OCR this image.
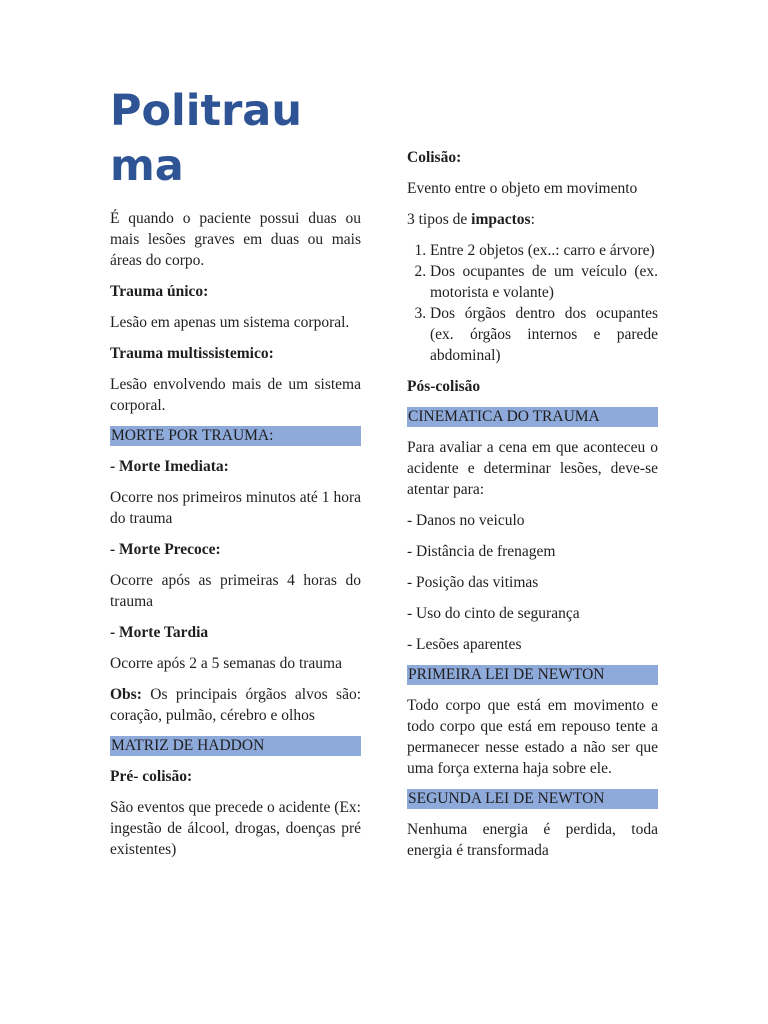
Politrauma

É quando o paciente possui duas ou mais lesões graves em duas ou mais áreas do corpo.

Trauma único:

Lesão em apenas um sistema corporal.

Trauma multissistemico:

Lesão envolvendo mais de um sistema corporal.

MORTE POR TRAUMA:
- Morte Imediata:

Ocorre nos primeiros minutos até 1 hora do trauma

- Morte Precoce:

Ocorre após as primeiras 4 horas do trauma

- Morte Tardia

Ocorre após 2 a 5 semanas do trauma

Obs: Os principais órgãos alvos são: coração, pulmão, cérebro e olhos

MATRIZ DE HADDON
Pré- colisão:

São eventos que precede o acidente (Ex: ingestão de álcool, drogas, doenças pré existentes)

Colisão:

Evento entre o objeto em movimento

3 tipos de impactos:

1. Entre 2 objetos (ex..: carro e árvore)
2. Dos ocupantes de um veículo (ex. motorista e volante)
3. Dos órgãos dentro dos ocupantes (ex. órgãos internos e parede abdominal)
Pós-colisão
CINEMATICA DO TRAUMA

Para avaliar a cena em que aconteceu o acidente e determinar lesões, deve-se atentar para:

- Danos no veiculo

- Distância de frenagem

- Posição das vitimas

- Uso do cinto de segurança

- Lesões aparentes

PRIMEIRA LEI DE NEWTON

Todo corpo que está em movimento e todo corpo que está em repouso tente a permanecer nesse estado a não ser que uma força externa haja sobre ele.

SEGUNDA LEI DE NEWTON

Nenhuma energia é perdida, toda energia é transformada
